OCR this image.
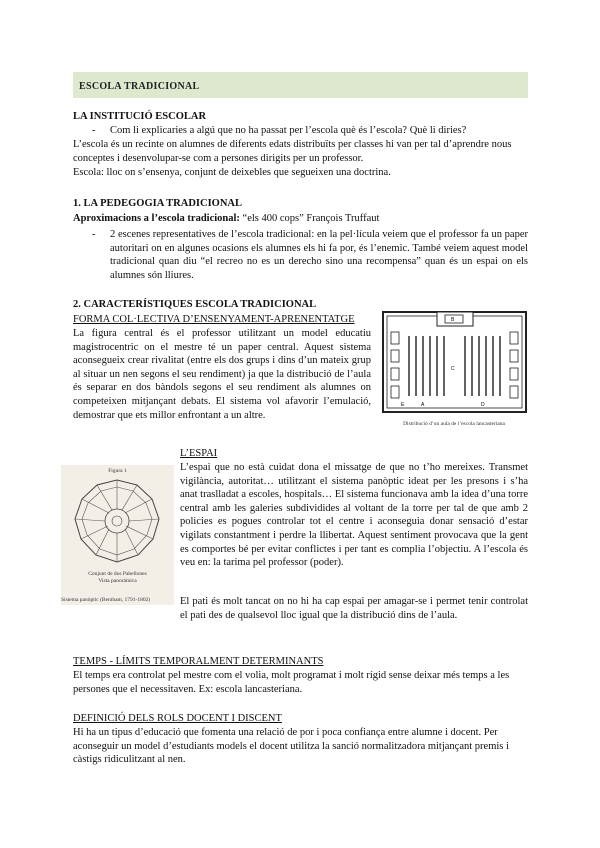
ESCOLA TRADICIONAL
LA INSTITUCIÓ ESCOLAR
- Com li explicaries a algú que no ha passat per l’escola què és l’escola? Què li diries?
L’escola és un recinte on alumnes de diferents edats distribuïts per classes hi van per tal d’aprendre nous conceptes i desenvolupar-se com a persones dirigits per un professor.
Escola: lloc on s’ensenya, conjunt de deixebles que segueixen una doctrina.
1. LA PEDEGOGIA TRADICIONAL
Aproximacions a l’escola tradicional: “els 400 cops” François Truffaut
- 2 escenes representatives de l’escola tradicional: en la pel·lícula veiem que el professor fa un paper autoritari on en algunes ocasions els alumnes els hi fa por, és l’enemic. També veiem aquest model tradicional quan diu “el recreo no es un derecho sino una recompensa” quan és un espai on els alumnes són lliures.
2. CARACTERÍSTIQUES ESCOLA TRADICIONAL
FORMA COL·LECTIVA D’ENSENYAMENT-APRENENTATGE
La figura central és el professor utilitzant un model educatiu magistrocentric on el mestre té un paper central. Aquest sistema aconsegueix crear rivalitat (entre els dos grups i dins d’un mateix grup al situar un nen segons el seu rendiment) ja que la distribució de l’aula és separar en dos bàndols segons el seu rendiment als alumnes on competeixen mitjançant debats. El sistema vol afavorir l’emulació, demostrar que ets millor enfrontant a un altre.
A
B
C
D
E
Distribució d’un aula de l’escola lancasteriana
L’ESPAI
L’espai que no està cuidat dona el missatge de que no t’ho mereixes. Transmet vigilància, autoritat… utilitzant el sistema panòptic ideat per les presons i s’ha anat traslladat a escoles, hospitals… El sistema funcionava amb la idea d’una torre central amb les galeries subdividides al voltant de la torre per tal de que amb 2 policies es pogues controlar tot el centre i aconseguia donar sensació d’estar vigilats constantment i perdre la llibertat. Aquest sentiment provocava que la gent es comportes bé per evitar conflictes i per tant es complia l’objectiu. A l’escola és veu en: la tarima pel professor (poder).
El pati és molt tancat on no hi ha cap espai per amagar-se i permet tenir controlat el pati des de qualsevol lloc igual que la distribució dins de l’aula.
Figura 1
Conjunt de dos Pabellones
Vista panorámica
Sistema panòptic (Bentham, 1791-1802)
TEMPS - LÍMITS TEMPORALMENT DETERMINANTS
El temps era controlat pel mestre com el volia, molt programat i molt rígid sense deixar més temps a les persones que el necessitaven. Ex: escola lancasteriana.
DEFINICIÓ DELS ROLS DOCENT I DISCENT
Hi ha un tipus d’educació que fomenta una relació de por i poca confiança entre alumne i docent. Per aconseguir un model d’estudiants models el docent utilitza la sanció normalitzadora mitjançant premis i càstigs ridiculitzant al nen.
